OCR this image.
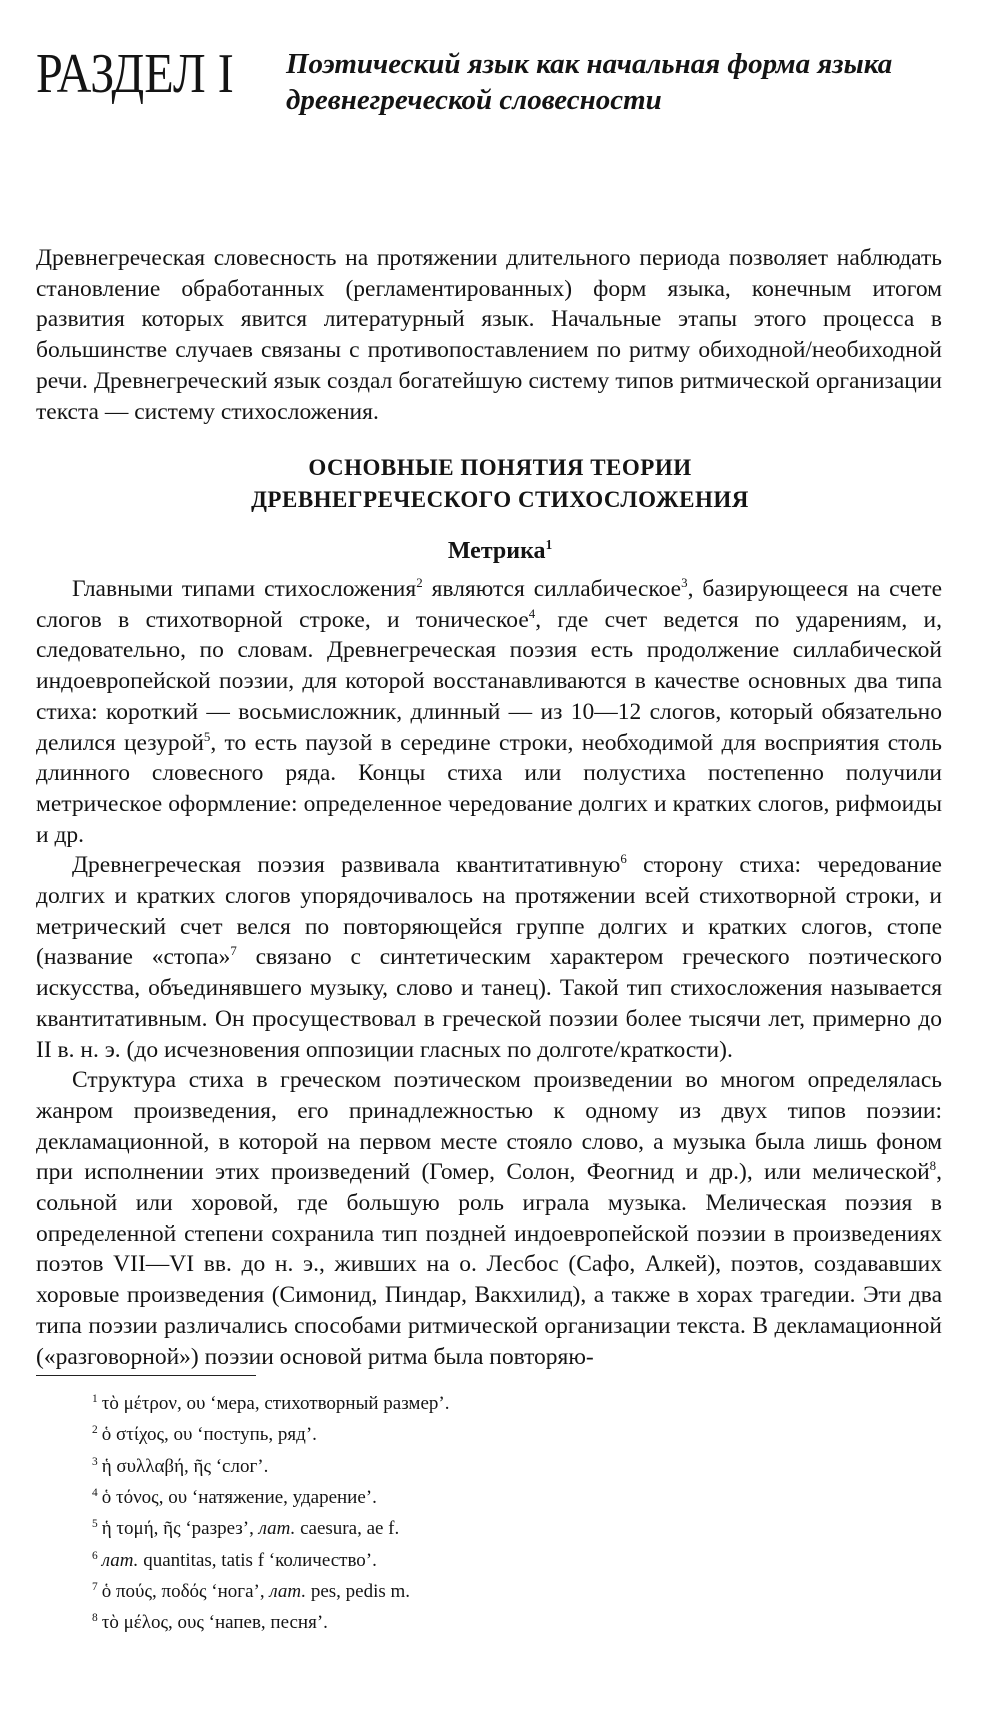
РАЗДЕЛ I Поэтический язык как начальная форма языка
древнегреческой словесности

Древнегреческая словесность на протяжении длительного периода позволяет наблюдать становление обработанных (регламентированных) форм языка, конечным итогом развития которых явится литературный язык. Начальные этапы этого процесса в большинстве случаев связаны с противопоставлением по ритму обиходной/необиходной речи. Древнегреческий язык создал богатейшую систему типов ритмической организации текста — систему стихосложения.

ОСНОВНЫЕ ПОНЯТИЯ ТЕОРИИ
ДРЕВНЕГРЕЧЕСКОГО СТИХОСЛОЖЕНИЯ
Метрика$^1$

Главными типами стихосложения$^2$ являются силлабическое$^3$, базирующееся на счете слогов в стихотворной строке, и тоническое$^4$, где счет ведется по ударениям, и, следовательно, по словам. Древнегреческая поэзия есть продолжение силлабической индоевропейской поэзии, для которой восстанавливаются в качестве основных два типа стиха: короткий — восьмисложник, длинный — из 10—12 слогов, который обязательно делился цезурой$^5$, то есть паузой в середине строки, необходимой для восприятия столь длинного словесного ряда. Концы стиха или полустиха постепенно получили метрическое оформление: определенное чередование долгих и кратких слогов, рифмоиды и др.

Древнегреческая поэзия развивала квантитативную$^6$ сторону стиха: чередование долгих и кратких слогов упорядочивалось на протяжении всей стихотворной строки, и метрический счет велся по повторяющейся группе долгих и кратких слогов, стопе (название «стопа»$^7$ связано с синтетическим характером греческого поэтического искусства, объединявшего музыку, слово и танец). Такой тип стихосложения называется квантитативным. Он просуществовал в греческой поэзии более тысячи лет, примерно до II в. н. э. (до исчезновения оппозиции гласных по долготе/краткости).

Структура стиха в греческом поэтическом произведении во многом определялась жанром произведения, его принадлежностью к одному из двух типов поэзии: декламационной, в которой на первом месте стояло слово, а музыка была лишь фоном при исполнении этих произведений (Гомер, Солон, Феогнид и др.), или мелической$^8$, сольной или хоровой, где большую роль играла музыка. Мелическая поэзия в определенной степени сохранила тип поздней индоевропейской поэзии в произведениях поэтов VII—VI вв. до н. э., живших на о. Лесбос (Сафо, Алкей), поэтов, создававших хоровые произведения (Симонид, Пиндар, Вакхилид), а также в хорах трагедии. Эти два типа поэзии различались способами ритмической организации текста. В декламационной («разговорной») поэзии основой ритма была повторяю-

$^1$ τὸ μέτρον, ου ‘мера, стихотворный размер’.

$^2$ ὁ στίχος, ου ‘поступь, ряд’.

$^3$ ἡ συλλαβή, ῆς ‘слог’.

$^4$ ὁ τόνος, ου ‘натяжение, ударение’.

$^5$ ἡ τομή, ῆς ‘разрез’, лат. caesura, ae f.

$^6$ лат. quantitas, tatis f ‘количество’.

$^7$ ὁ πούς, ποδός ‘нога’, лат. pes, pedis m.

$^8$ τὸ μέλος, ους ‘напев, песня’.
